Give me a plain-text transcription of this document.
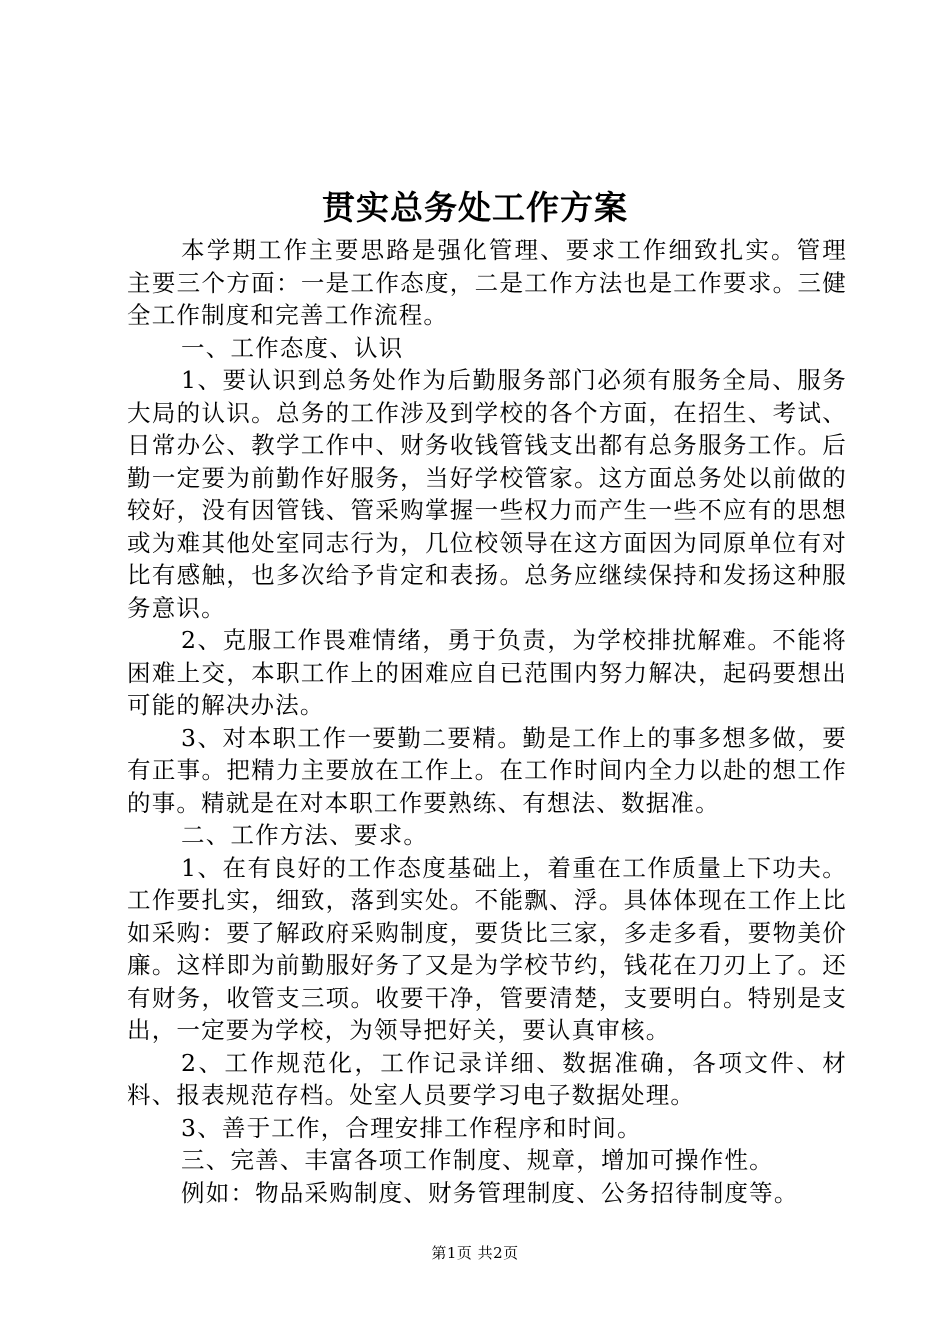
贯实总务处工作方案

本学期工作主要思路是强化管理、要求工作细致扎实。管理主要三个方面：一是工作态度，二是工作方法也是工作要求。三健全工作制度和完善工作流程。

一、工作态度、认识

1、要认识到总务处作为后勤服务部门必须有服务全局、服务大局的认识。总务的工作涉及到学校的各个方面，在招生、考试、日常办公、教学工作中、财务收钱管钱支出都有总务服务工作。后勤一定要为前勤作好服务，当好学校管家。这方面总务处以前做的较好，没有因管钱、管采购掌握一些权力而产生一些不应有的思想或为难其他处室同志行为，几位校领导在这方面因为同原单位有对比有感触，也多次给予肯定和表扬。总务应继续保持和发扬这种服务意识。

2、克服工作畏难情绪，勇于负责，为学校排扰解难。不能将困难上交，本职工作上的困难应自已范围内努力解决，起码要想出可能的解决办法。

3、对本职工作一要勤二要精。勤是工作上的事多想多做，要有正事。把精力主要放在工作上。在工作时间内全力以赴的想工作的事。精就是在对本职工作要熟练、有想法、数据准。

二、工作方法、要求。

1、在有良好的工作态度基础上，着重在工作质量上下功夫。工作要扎实，细致，落到实处。不能飘、浮。具体体现在工作上比如采购：要了解政府采购制度，要货比三家，多走多看，要物美价廉。这样即为前勤服好务了又是为学校节约，钱花在刀刃上了。还有财务，收管支三项。收要干净，管要清楚，支要明白。特别是支出，一定要为学校，为领导把好关，要认真审核。

2、工作规范化，工作记录详细、数据准确，各项文件、材料、报表规范存档。处室人员要学习电子数据处理。

3、善于工作，合理安排工作程序和时间。

三、完善、丰富各项工作制度、规章，增加可操作性。

例如：物品采购制度、财务管理制度、公务招待制度等。

第1页 共2页
